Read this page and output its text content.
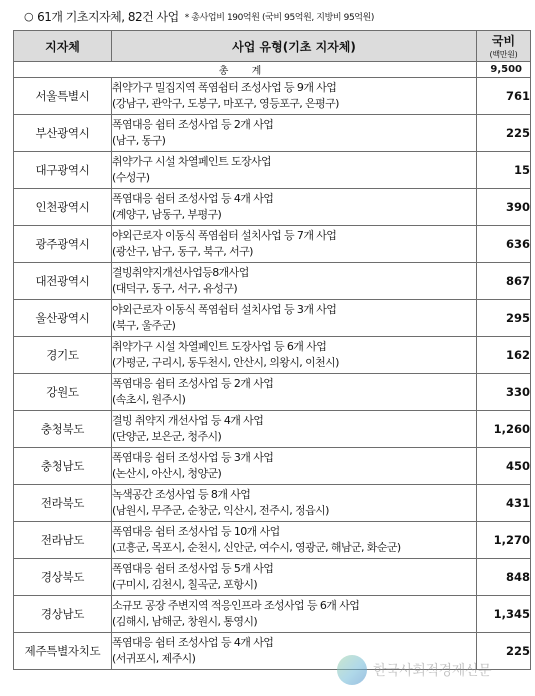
○ 61개 기초지자체, 82건 사업 * 총사업비 190억원 (국비 95억원, 지방비 95억원)
지자체	사업 유형(기초 지자체)	국비
(백만원)

총 계		9,500
서울특별시	취약가구 밀집지역 폭염쉼터 조성사업 등 9개 사업
(강남구, 관악구, 도봉구, 마포구, 영등포구, 은평구)	761
부산광역시	폭염대응 쉼터 조성사업 등 2개 사업
(남구, 동구)	225
대구광역시	취약가구 시설 차열페인트 도장사업
(수성구)	15
인천광역시	폭염대응 쉼터 조성사업 등 4개 사업
(계양구, 남동구, 부평구)	390
광주광역시	야외근로자 이동식 폭염쉼터 설치사업 등 7개 사업
(광산구, 남구, 동구, 북구, 서구)	636
대전광역시	결빙취약지개선사업등8개사업
(대덕구, 동구, 서구, 유성구)	867
울산광역시	야외근로자 이동식 폭염쉼터 설치사업 등 3개 사업
(북구, 울주군)	295
경기도	취약가구 시설 차열페인트 도장사업 등 6개 사업
(가평군, 구리시, 동두천시, 안산시, 의왕시, 이천시)	162
강원도	폭염대응 쉼터 조성사업 등 2개 사업
(속초시, 원주시)	330
충청북도	결빙 취약지 개선사업 등 4개 사업
(단양군, 보은군, 청주시)	1,260
충청남도	폭염대응 쉼터 조성사업 등 3개 사업
(논산시, 아산시, 청양군)	450
전라북도	녹색공간 조성사업 등 8개 사업
(남원시, 무주군, 순창군, 익산시, 전주시, 정읍시)	431
전라남도	폭염대응 쉼터 조성사업 등 10개 사업
(고흥군, 목포시, 순천시, 신안군, 여수시, 영광군, 해남군, 화순군)	1,270
경상북도	폭염대응 쉼터 조성사업 등 5개 사업
(구미시, 김천시, 칠곡군, 포항시)	848
경상남도	소규모 공장 주변지역 적응인프라 조성사업 등 6개 사업
(김해시, 남해군, 창원시, 통영시)	1,345
제주특별자치도	폭염대응 쉼터 조성사업 등 4개 사업
(서귀포시, 제주시)	225
한국사회적경제신문
